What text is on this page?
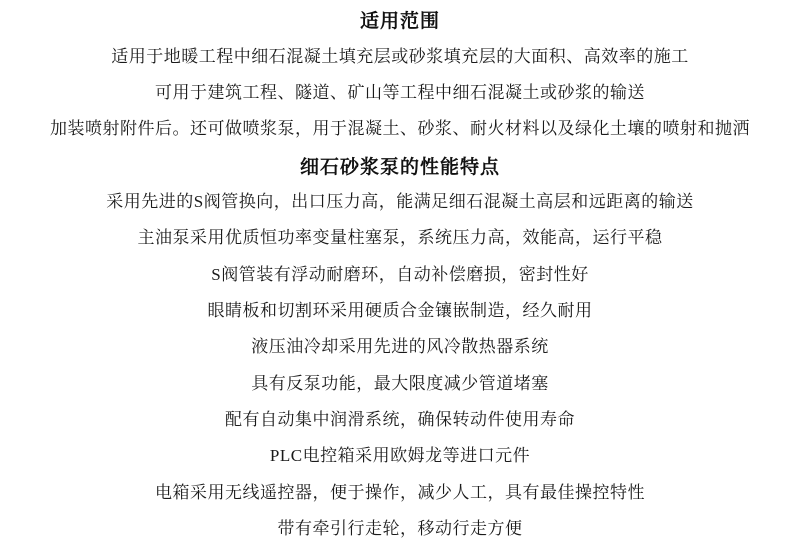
适用范围
适用于地暖工程中细石混凝土填充层或砂浆填充层的大面积、高效率的施工
可用于建筑工程、隧道、矿山等工程中细石混凝土或砂浆的输送
加装喷射附件后。还可做喷浆泵，用于混凝土、砂浆、耐火材料以及绿化土壤的喷射和抛洒
细石砂浆泵的性能特点
采用先进的S阀管换向，出口压力高，能满足细石混凝土高层和远距离的输送
主油泵采用优质恒功率变量柱塞泵，系统压力高，效能高，运行平稳
S阀管装有浮动耐磨环，自动补偿磨损，密封性好
眼睛板和切割环采用硬质合金镶嵌制造，经久耐用
液压油冷却采用先进的风冷散热器系统
具有反泵功能，最大限度减少管道堵塞
配有自动集中润滑系统，确保转动件使用寿命
PLC电控箱采用欧姆龙等进口元件
电箱采用无线遥控器，便于操作，减少人工，具有最佳操控特性
带有牵引行走轮，移动行走方便
